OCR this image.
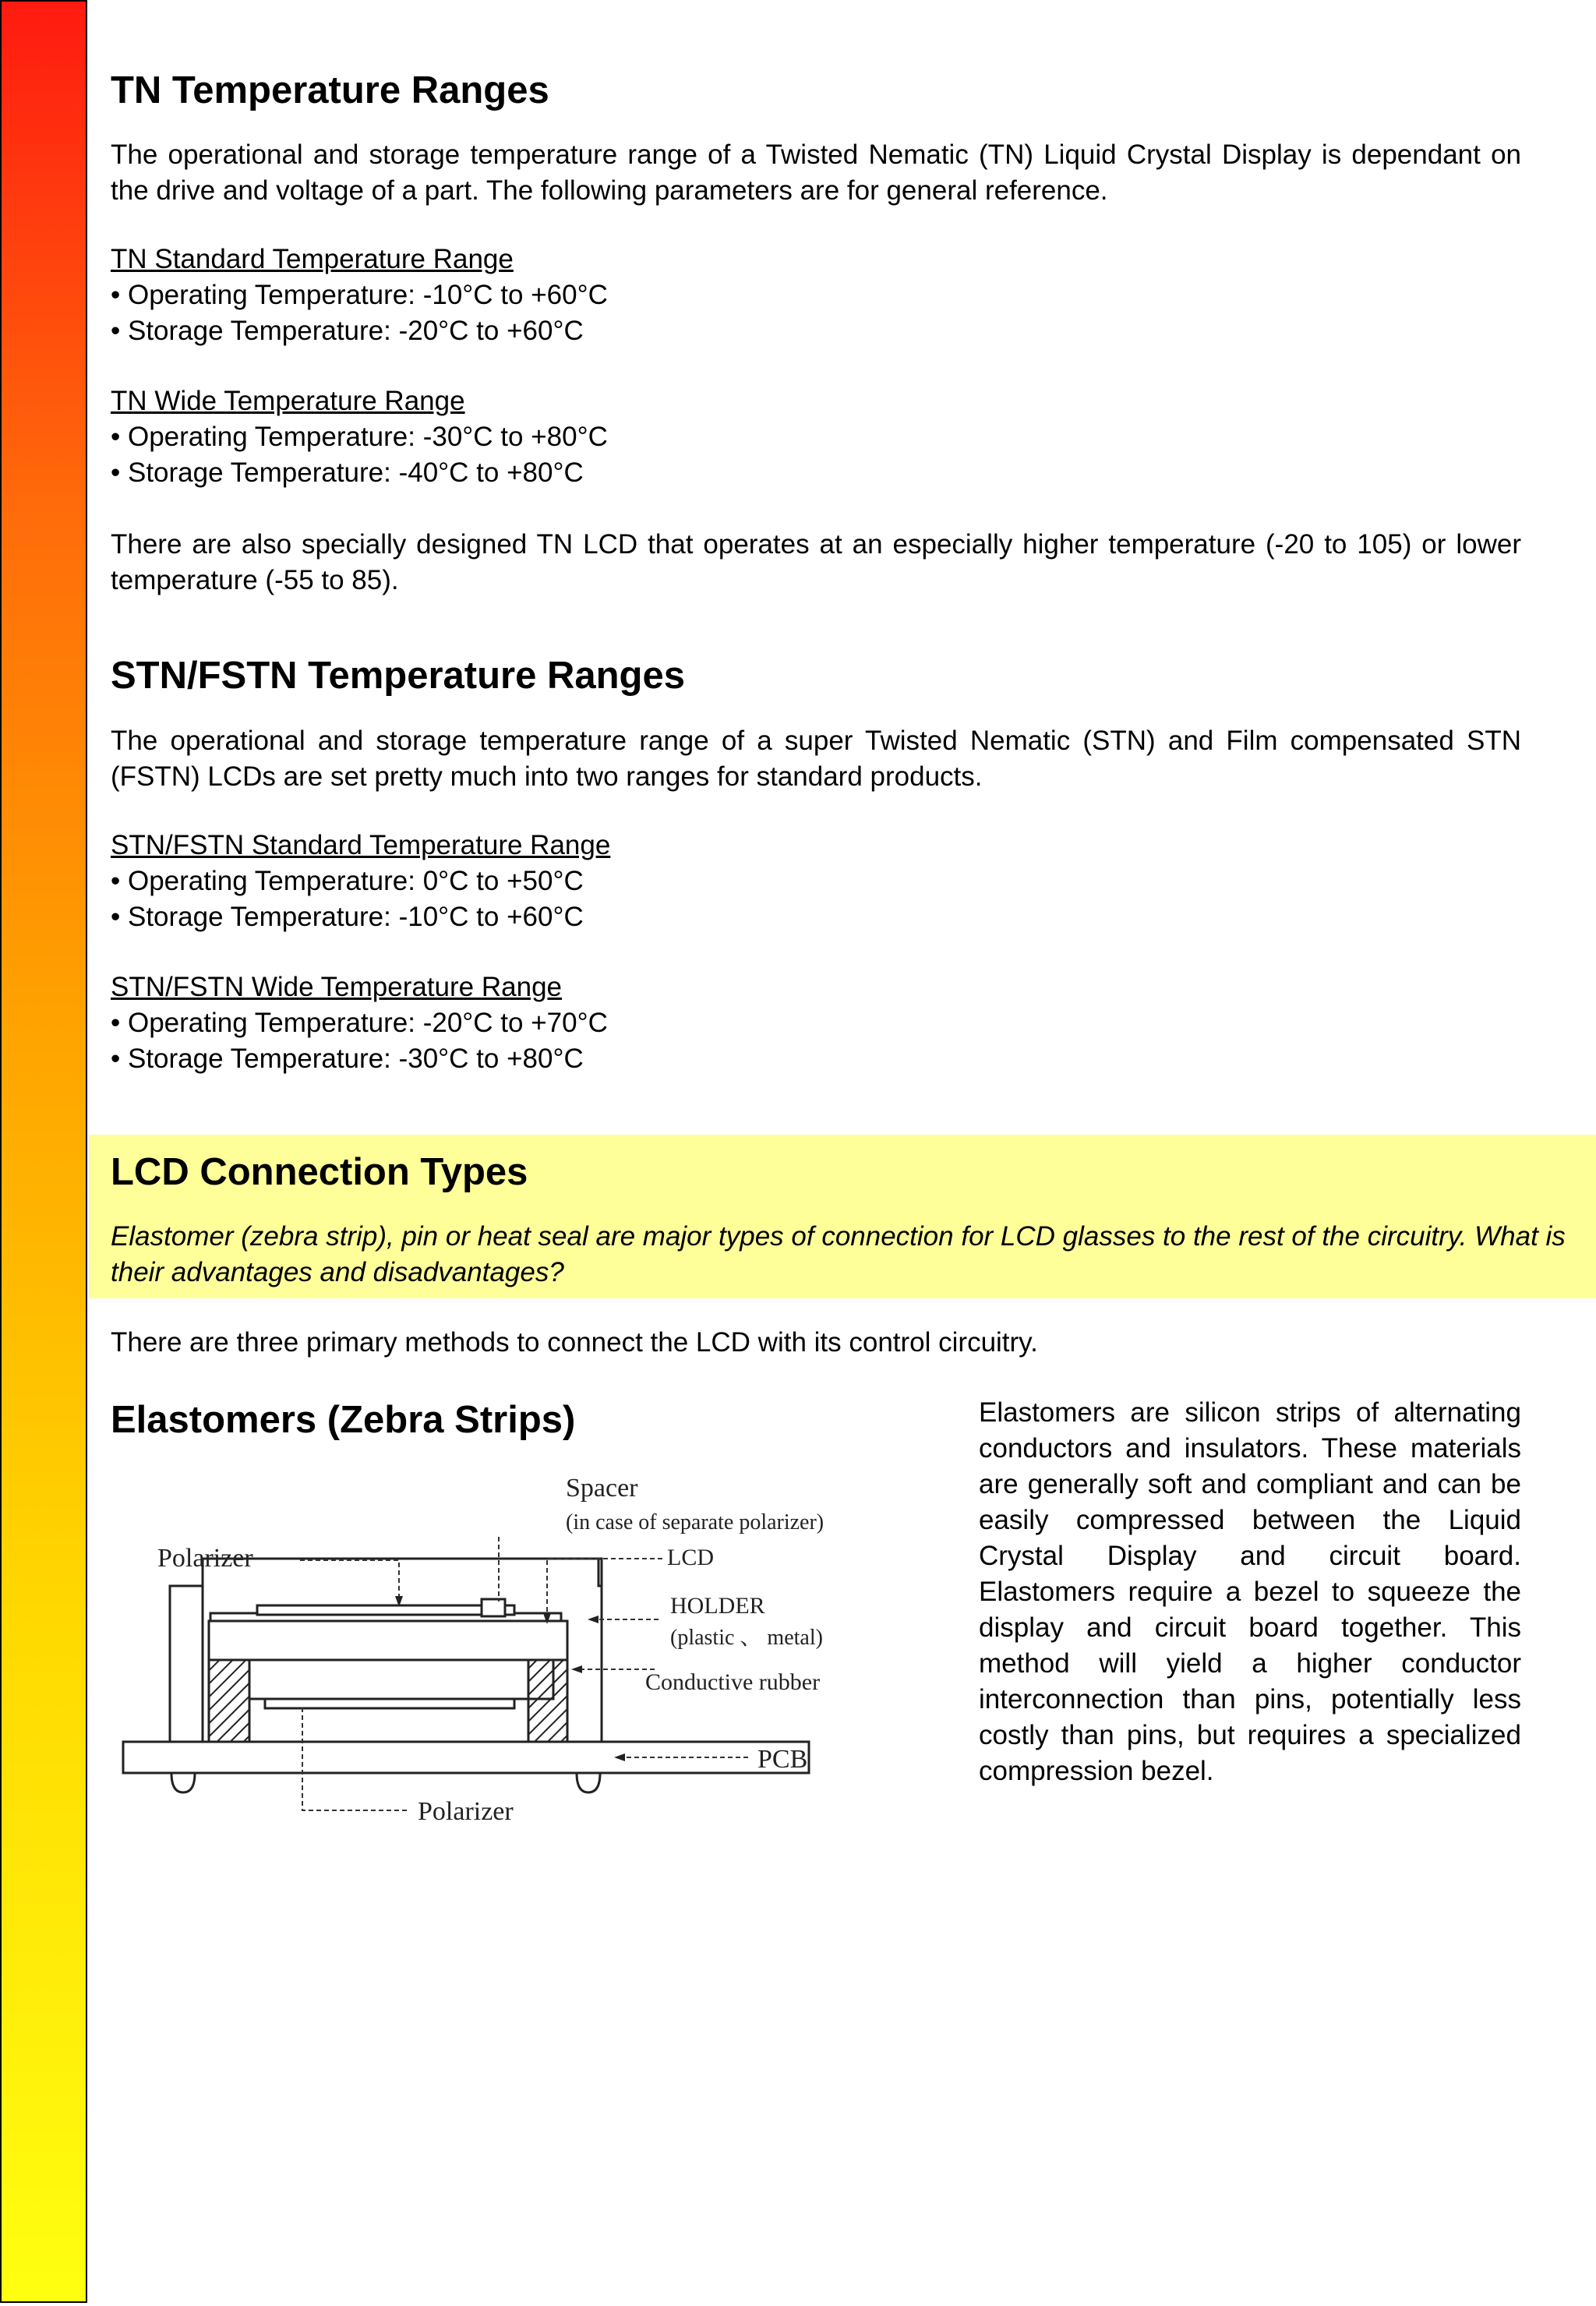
TN Temperature Ranges

The operational and storage temperature range of a Twisted Nematic (TN) Liquid Crystal Display is dependant on the drive and voltage of a part. The following parameters are for general reference.

TN Standard Temperature Range
• Operating Temperature: -10°C to +60°C
• Storage Temperature: -20°C to +60°C
TN Wide Temperature Range
• Operating Temperature: -30°C to +80°C
• Storage Temperature: -40°C to +80°C

There are also specially designed TN LCD that operates at an especially higher temperature (-20 to 105) or lower temperature (-55 to 85).

STN/FSTN Temperature Ranges

The operational and storage temperature range of a super Twisted Nematic (STN) and Film compensated STN (FSTN) LCDs are set pretty much into two ranges for standard products.

STN/FSTN Standard Temperature Range
• Operating Temperature: 0°C to +50°C
• Storage Temperature: -10°C to +60°C
STN/FSTN Wide Temperature Range
• Operating Temperature: -20°C to +70°C
• Storage Temperature: -30°C to +80°C
LCD Connection Types

Elastomer (zebra strip), pin or heat seal are major types of connection for LCD glasses to the rest of the circuitry. What is their advantages and disadvantages?

There are three primary methods to connect the LCD with its control circuitry.

Elastomers (Zebra Strips)	Elastomers are silicon strips of alternating conductors and insulators. These materials are generally soft and compliant and can be easily compressed between the Liquid Crystal Display and circuit board. Elastomers require a bezel to squeeze the display and circuit board together. This method will yield a higher conductor interconnection than pins, potentially less costly than pins, but requires a specialized compression bezel.

Spacer
(in case of separate polarizer)
Polarizer	LCD
HOLDER
(plastic 、 metal)
Conductive rubber
PCB
Polarizer
